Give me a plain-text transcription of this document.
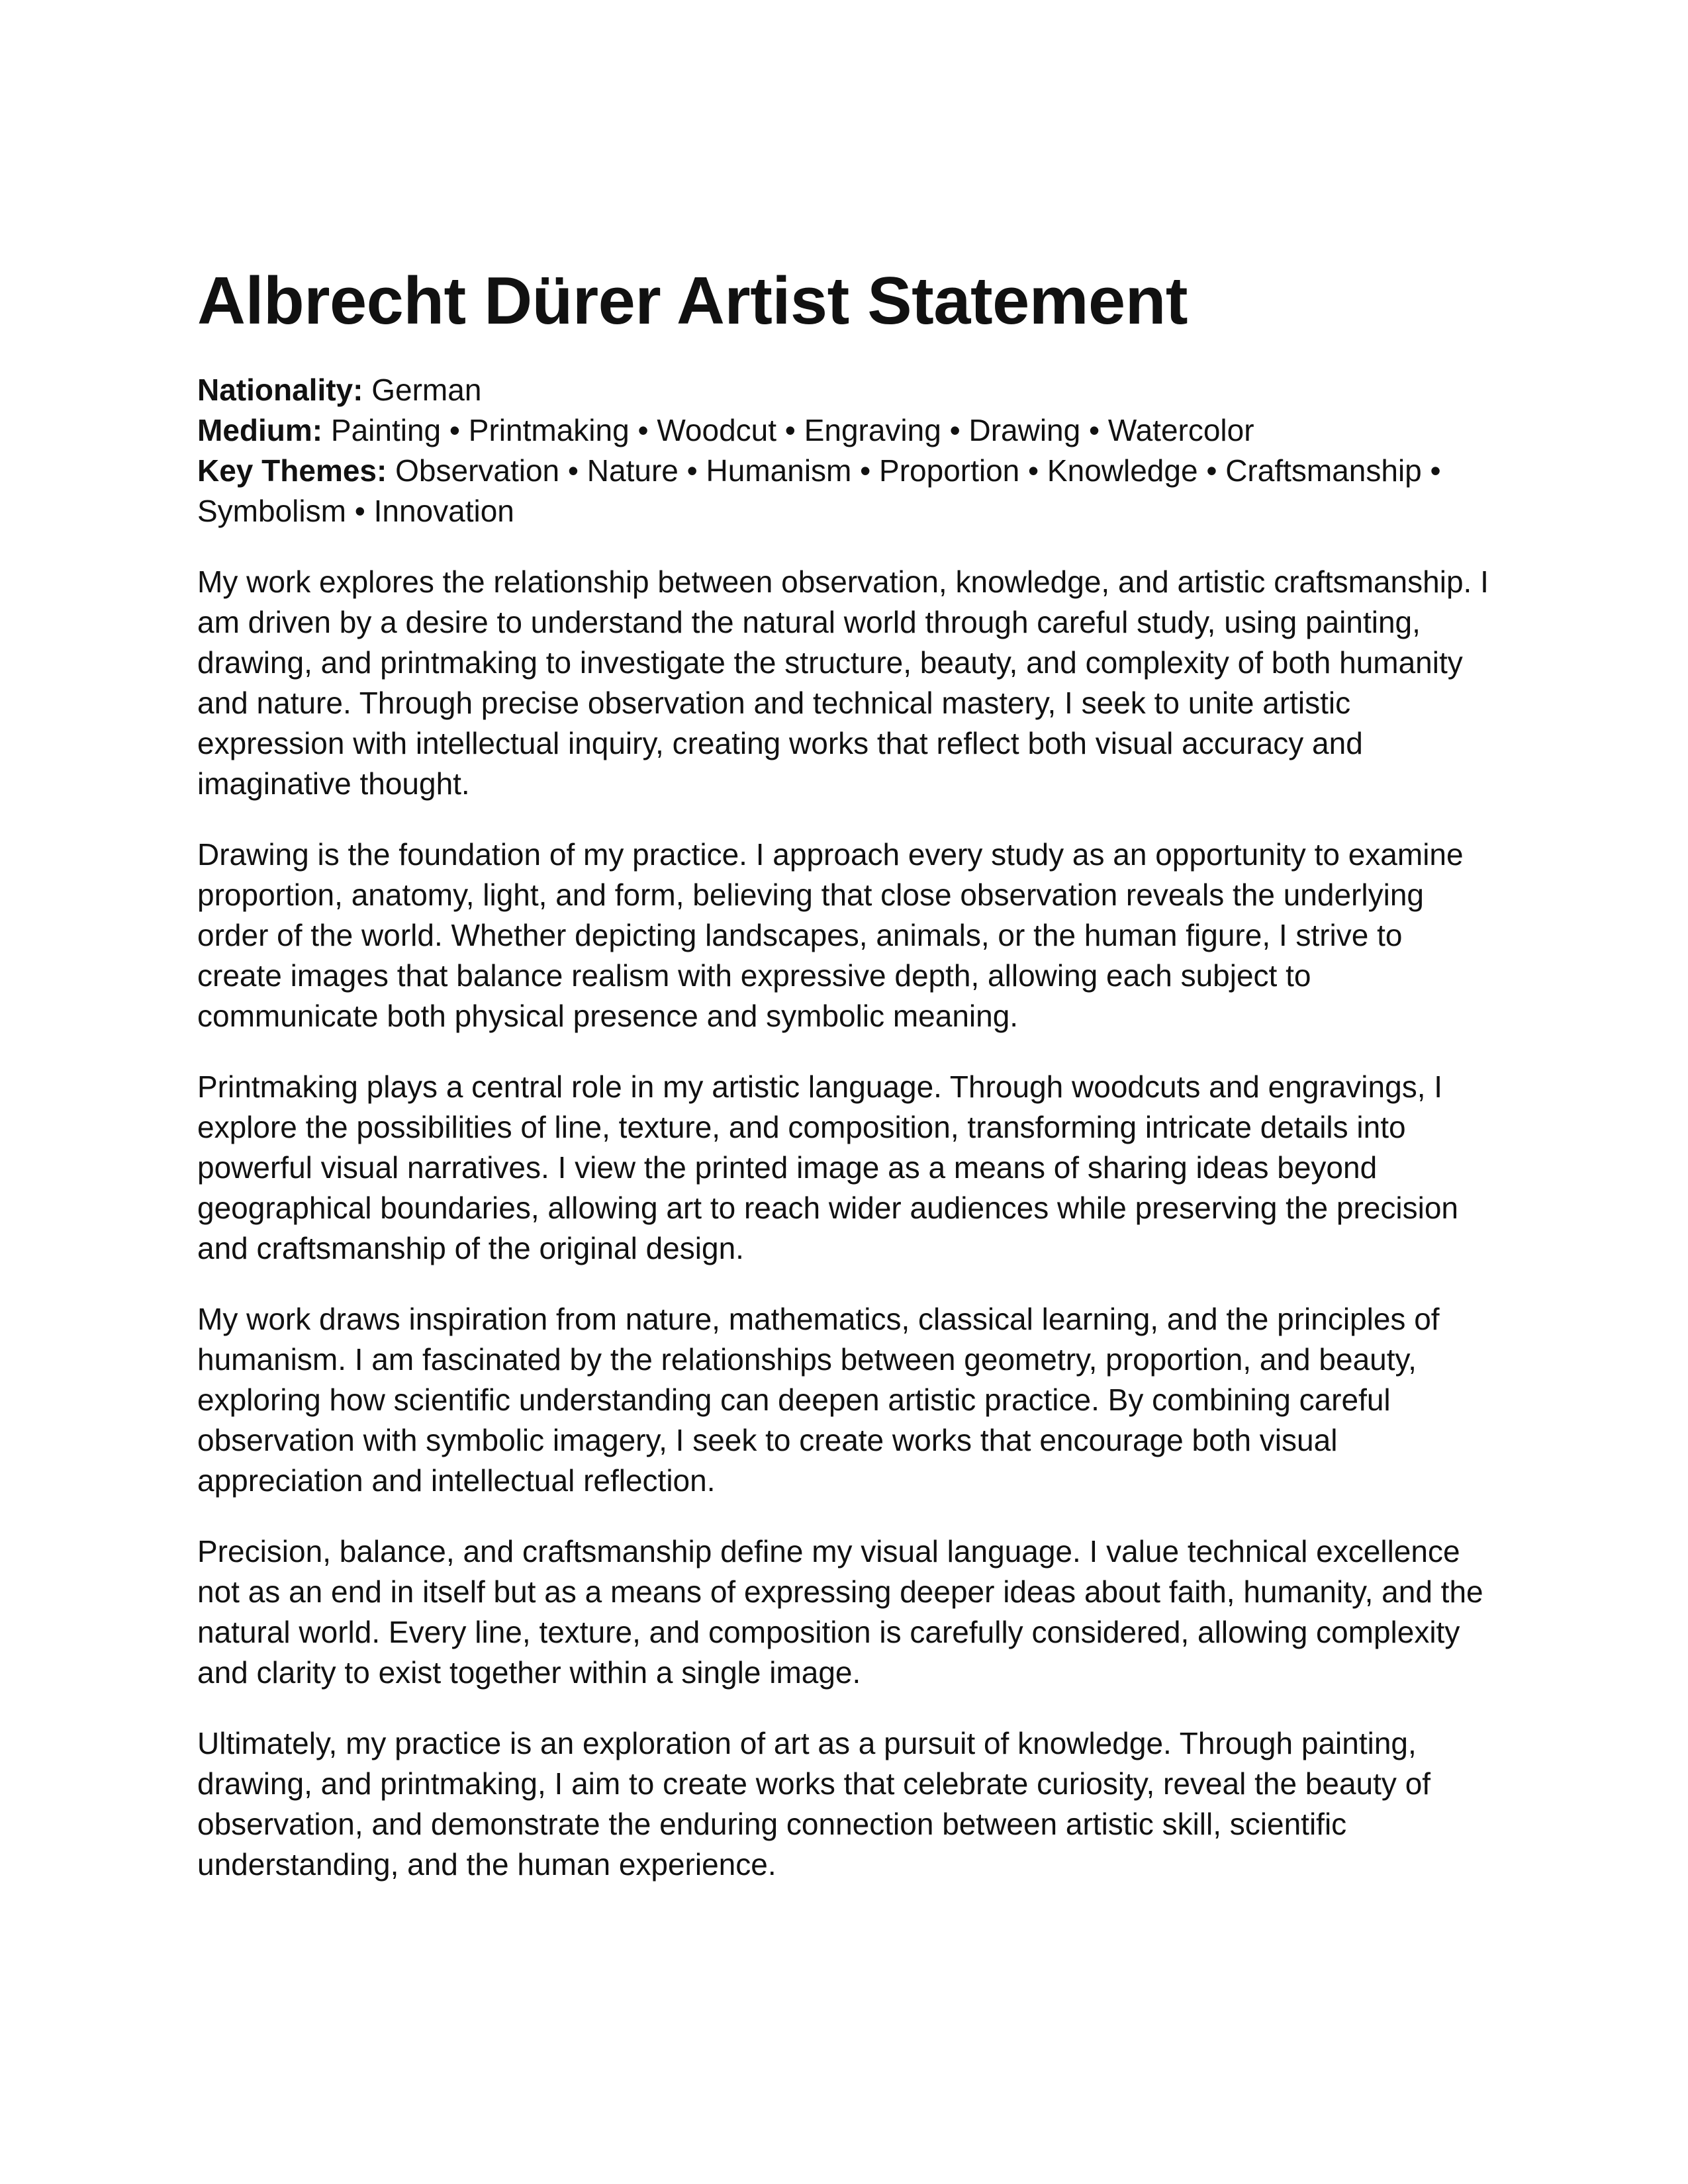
Albrecht Dürer Artist Statement
Nationality: German
Medium: Painting • Printmaking • Woodcut • Engraving • Drawing • Watercolor
Key Themes: Observation • Nature • Humanism • Proportion • Knowledge • Craftsmanship • Symbolism • Innovation

My work explores the relationship between observation, knowledge, and artistic craftsmanship. I am driven by a desire to understand the natural world through careful study, using painting, drawing, and printmaking to investigate the structure, beauty, and complexity of both humanity and nature. Through precise observation and technical mastery, I seek to unite artistic expression with intellectual inquiry, creating works that reflect both visual accuracy and imaginative thought.

Drawing is the foundation of my practice. I approach every study as an opportunity to examine proportion, anatomy, light, and form, believing that close observation reveals the underlying order of the world. Whether depicting landscapes, animals, or the human figure, I strive to create images that balance realism with expressive depth, allowing each subject to communicate both physical presence and symbolic meaning.

Printmaking plays a central role in my artistic language. Through woodcuts and engravings, I explore the possibilities of line, texture, and composition, transforming intricate details into powerful visual narratives. I view the printed image as a means of sharing ideas beyond geographical boundaries, allowing art to reach wider audiences while preserving the precision and craftsmanship of the original design.

My work draws inspiration from nature, mathematics, classical learning, and the principles of humanism. I am fascinated by the relationships between geometry, proportion, and beauty, exploring how scientific understanding can deepen artistic practice. By combining careful observation with symbolic imagery, I seek to create works that encourage both visual appreciation and intellectual reflection.

Precision, balance, and craftsmanship define my visual language. I value technical excellence not as an end in itself but as a means of expressing deeper ideas about faith, humanity, and the natural world. Every line, texture, and composition is carefully considered, allowing complexity and clarity to exist together within a single image.

Ultimately, my practice is an exploration of art as a pursuit of knowledge. Through painting, drawing, and printmaking, I aim to create works that celebrate curiosity, reveal the beauty of observation, and demonstrate the enduring connection between artistic skill, scientific understanding, and the human experience.
